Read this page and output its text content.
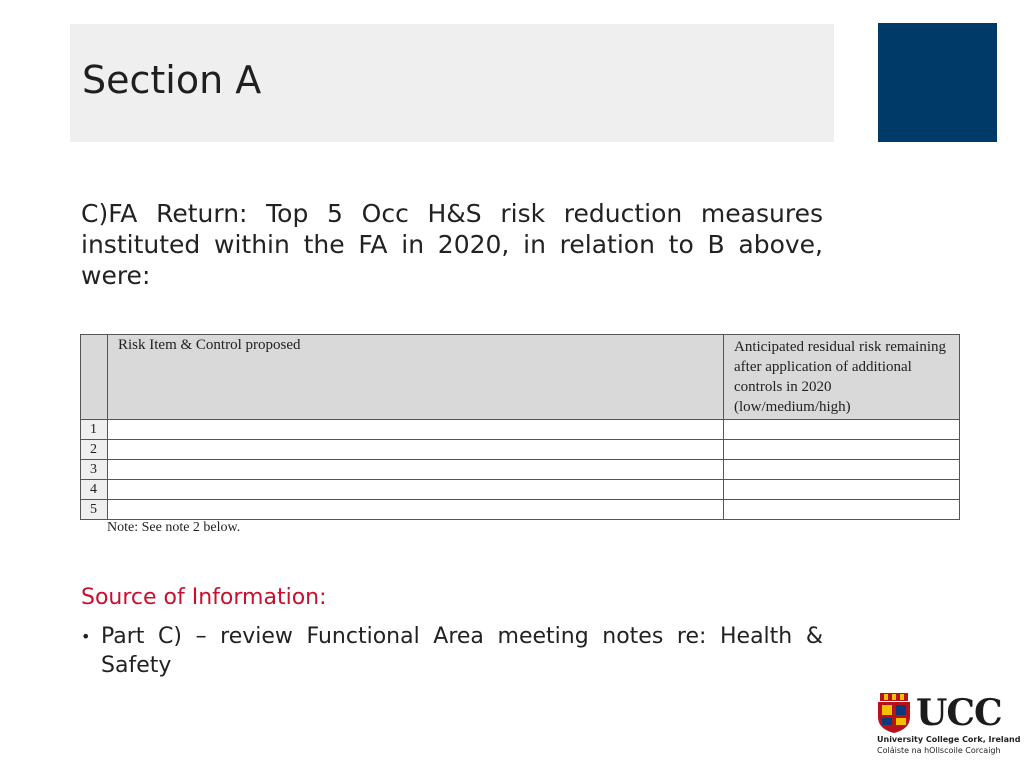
Section A
C)FA Return: Top 5 Occ H&S risk reduction measures instituted within the FA in 2020, in relation to B above, were:
	Risk Item & Control proposed	Anticipated residual risk remaining after application of additional controls in 2020 (low/medium/high)
1		
2		
3		
4		
5		
Note: See note 2 below.
Source of Information:
• Part C) – review Functional Area meeting notes re: Health & Safety
UCC
University College Cork, Ireland
Coláiste na hOllscoile Corcaigh
